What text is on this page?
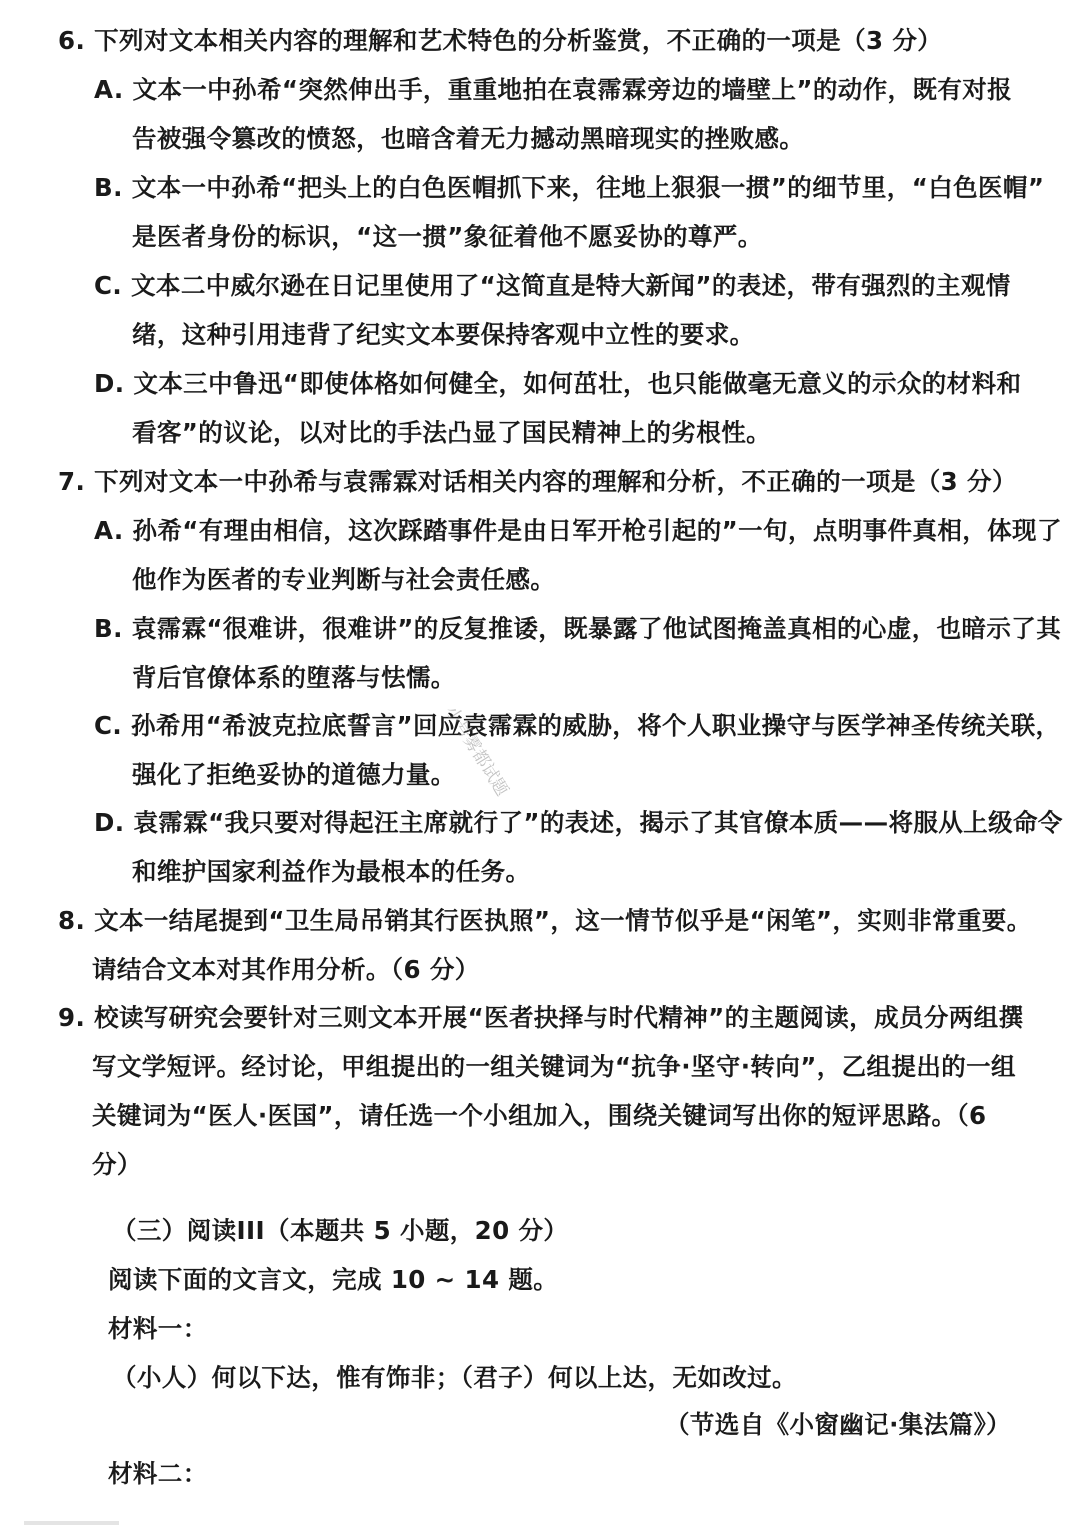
6. 下列对文本相关内容的理解和艺术特色的分析鉴赏，不正确的一项是（3 分）
A. 文本一中孙希“突然伸出手，重重地拍在袁霈霖旁边的墙壁上”的动作，既有对报
告被强令篡改的愤怒，也暗含着无力撼动黑暗现实的挫败感。
B. 文本一中孙希“把头上的白色医帽抓下来，往地上狠狠一掼”的细节里，“白色医帽”
是医者身份的标识，“这一掼”象征着他不愿妥协的尊严。
C. 文本二中威尔逊在日记里使用了“这简直是特大新闻”的表述，带有强烈的主观情
绪，这种引用违背了纪实文本要保持客观中立性的要求。
D. 文本三中鲁迅“即使体格如何健全，如何茁壮，也只能做毫无意义的示众的材料和
看客”的议论，以对比的手法凸显了国民精神上的劣根性。
7. 下列对文本一中孙希与袁霈霖对话相关内容的理解和分析，不正确的一项是（3 分）
A. 孙希“有理由相信，这次踩踏事件是由日军开枪引起的”一句，点明事件真相，体现了
他作为医者的专业判断与社会责任感。
B. 袁霈霖“很难讲，很难讲”的反复推诿，既暴露了他试图掩盖真相的心虚，也暗示了其
背后官僚体系的堕落与怯懦。
C. 孙希用“希波克拉底誓言”回应袁霈霖的威胁，将个人职业操守与医学神圣传统关联，
强化了拒绝妥协的道德力量。
D. 袁霈霖“我只要对得起汪主席就行了”的表述，揭示了其官僚本质——将服从上级命令
和维护国家利益作为最根本的任务。
8. 文本一结尾提到“卫生局吊销其行医执照”，这一情节似乎是“闲笔”，实则非常重要。
请结合文本对其作用分析。（6 分）
9. 校读写研究会要针对三则文本开展“医者抉择与时代精神”的主题阅读，成员分两组撰
写文学短评。经讨论，甲组提出的一组关键词为“抗争·坚守·转向”，乙组提出的一组
关键词为“医人·医国”，请任选一个小组加入，围绕关键词写出你的短评思路。（6
分）
（三）阅读III（本题共 5 小题，20 分）
阅读下面的文言文，完成 10 ~ 14 题。
材料一：
（小人）何以下达，惟有饰非；（君子）何以上达，无如改过。
（节选自《小窗幽记·集法篇》）
材料二：
小号雾都试题
